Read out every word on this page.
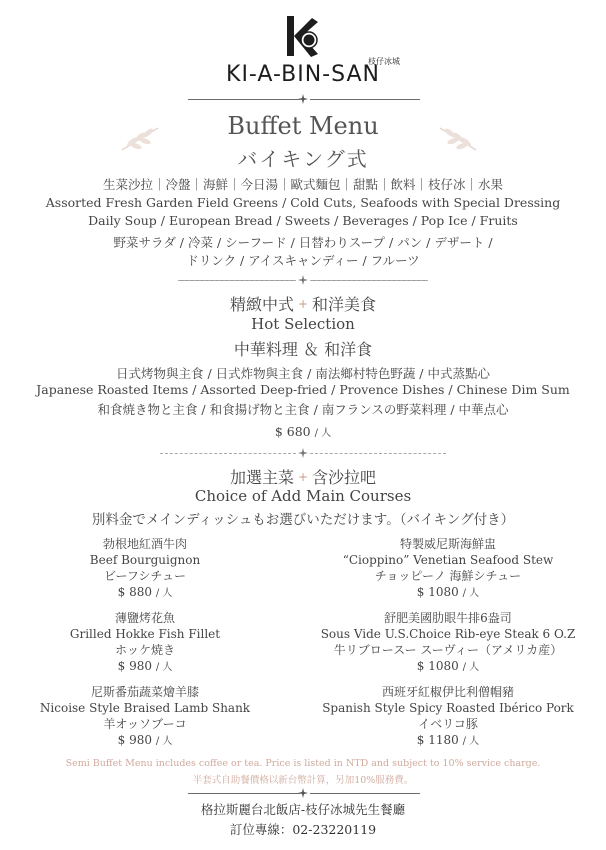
枝仔冰城
KI-A-BIN-SAN
Buffet Menu
バイキング式
生菜沙拉｜冷盤｜海鮮｜今日湯｜歐式麵包｜甜點｜飲料｜枝仔冰｜水果
Assorted Fresh Garden Field Greens / Cold Cuts, Seafoods with Special Dressing
Daily Soup / European Bread / Sweets / Beverages / Pop Ice / Fruits
野菜サラダ / 冷菜 / シーフード / 日替わりスープ / パン / デザート /
ドリンク / アイスキャンディー / フルーツ
精緻中式 + 和洋美食
Hot Selection
中華料理 ＆ 和洋食
日式烤物與主食 / 日式炸物與主食 / 南法鄉村特色野蔬 / 中式蒸點心
Japanese Roasted Items / Assorted Deep-fried / Provence Dishes / Chinese Dim Sum
和食焼き物と主食 / 和食揚げ物と主食 / 南フランスの野菜料理 / 中華点心
$ 680 / 人
加選主菜 + 含沙拉吧
Choice of Add Main Courses
別料金でメインディッシュもお選びいただけます。（バイキング付き）
勃根地紅酒牛肉
Beef Bourguignon
ビーフシチュー
$ 880 / 人
特製威尼斯海鮮盅
“Cioppino” Venetian Seafood Stew
チョッピーノ 海鮮シチュー
$ 1080 / 人
薄鹽烤花魚
Grilled Hokke Fish Fillet
ホッケ焼き
$ 980 / 人
舒肥美國肋眼牛排6盎司
Sous Vide U.S.Choice Rib-eye Steak 6 O.Z
牛リブロースー スーヴィー（アメリカ産）
$ 1080 / 人
尼斯番茄蔬菜燴羊膝
Nicoise Style Braised Lamb Shank
羊オッソブーコ
$ 980 / 人
西班牙紅椒伊比利僧帽豬
Spanish Style Spicy Roasted Ibérico Pork
イベリコ豚
$ 1180 / 人
Semi Buffet Menu includes coffee or tea. Price is listed in NTD and subject to 10% service charge.
半套式自助餐價格以新台幣計算，另加10%服務費。
格拉斯麗台北飯店-枝仔冰城先生餐廳
訂位專線：02-23220119
